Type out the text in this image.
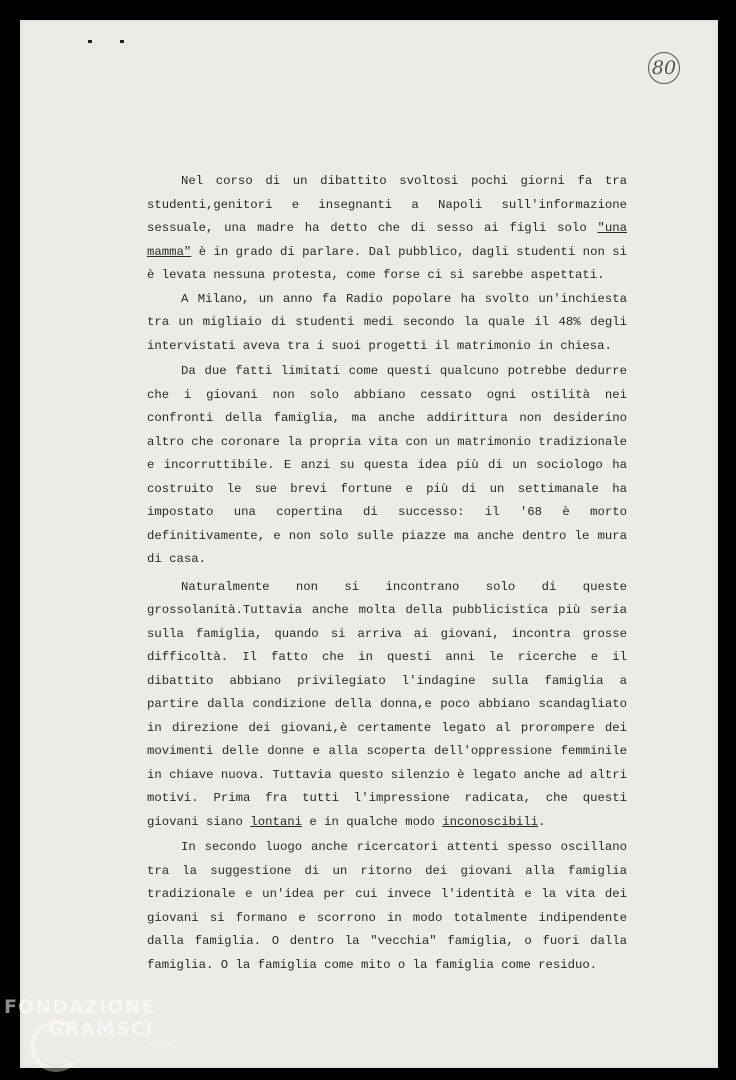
80

Nel corso di un dibattito svoltosi pochi giorni fa tra studenti,genitori e insegnanti a Napoli sull'informazione sessuale, una madre ha detto che di sesso ai figli solo "una mamma" è in grado di parlare. Dal pubblico, dagli studenti non si è levata nessuna protesta, come forse ci si sarebbe aspettati.

A Milano, un anno fa Radio popolare ha svolto un'inchiesta tra un migliaio di studenti medi secondo la quale il 48% degli intervistati aveva tra i suoi progetti il matrimonio in chiesa.

Da due fatti limitati come questi qualcuno potrebbe dedurre che i giovani non solo abbiano cessato ogni ostilità nei confronti della famiglia, ma anche addirittura non desiderino altro che coronare la propria vita con un matrimonio tradizionale e incorruttibile. E anzi su questa idea più di un sociologo ha costruito le sue brevi fortune e più di un settimanale ha impostato una copertina di successo: il '68 è morto definitivamente, e non solo sulle piazze ma anche dentro le mura di casa.

Naturalmente non si incontrano solo di queste grossolanità.Tuttavia anche molta della pubblicistica più seria sulla famiglia, quando si arriva ai giovani, incontra grosse difficoltà. Il fatto che in questi anni le ricerche e il dibattito abbiano privilegiato l'indagine sulla famiglia a partire dalla condizione della donna,e poco abbiano scandagliato in direzione dei giovani,è certamente legato al prorompere dei movimenti delle donne e alla scoperta dell'oppressione femminile in chiave nuova. Tuttavia questo silenzio è legato anche ad altri motivi. Prima fra tutti l'impressione radicata, che questi giovani siano lontani e in qualche modo inconoscibili.

In secondo luogo anche ricercatori attenti spesso oscillano tra la suggestione di un ritorno dei giovani alla famiglia tradizionale e un'idea per cui invece l'identità e la vita dei giovani si formano e scorrono in modo totalmente indipendente dalla famiglia. O dentro la "vecchia" famiglia, o fuori dalla famiglia. O la famiglia come mito o la famiglia come residuo.

FONDAZIONE
GRAMSCI
onlus
